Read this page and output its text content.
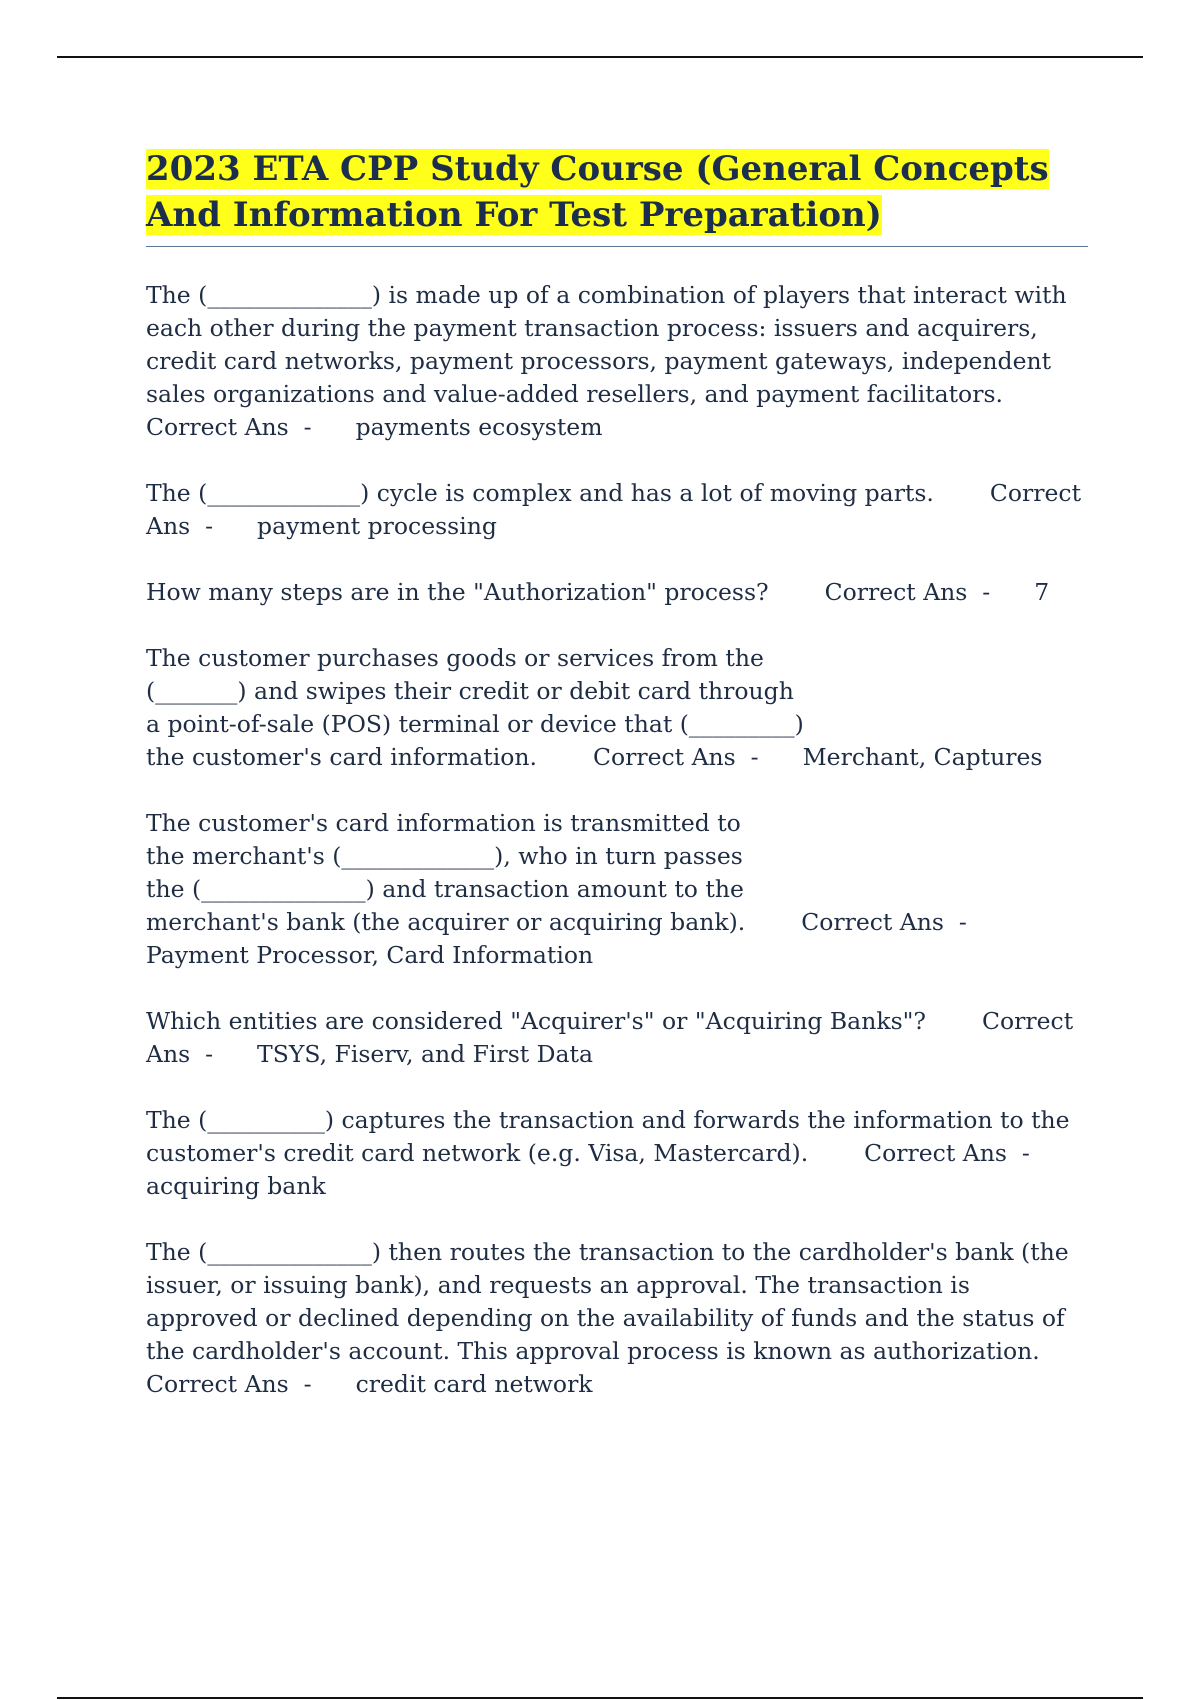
2023 ETA CPP Study Course (General Concepts And Information For Test Preparation)

The (______________) is made up of a combination of players that interact with each other during the payment transaction process: issuers and acquirers, credit card networks, payment processors, payment gateways, independent sales organizations and value-added resellers, and payment facilitators.
Correct Ans  - payments ecosystem

The (_____________) cycle is complex and has a lot of moving parts. Correct Ans  - payment processing

How many steps are in the "Authorization" process? Correct Ans  - 7

The customer purchases goods or services from the
(_______) and swipes their credit or debit card through
a point-of-sale (POS) terminal or device that (_________)
the customer's card information. Correct Ans  - Merchant, Captures

The customer's card information is transmitted to
the merchant's (_____________), who in turn passes
the (______________) and transaction amount to the
merchant's bank (the acquirer or acquiring bank). Correct Ans  -
Payment Processor, Card Information

Which entities are considered "Acquirer's" or "Acquiring Banks"? Correct Ans  - TSYS, Fiserv, and First Data

The (__________) captures the transaction and forwards the information to the customer's credit card network (e.g. Visa, Mastercard). Correct Ans  -
acquiring bank

The (______________) then routes the transaction to the cardholder's bank (the issuer, or issuing bank), and requests an approval. The transaction is approved or declined depending on the availability of funds and the status of the cardholder's account. This approval process is known as authorization.
Correct Ans  - credit card network
